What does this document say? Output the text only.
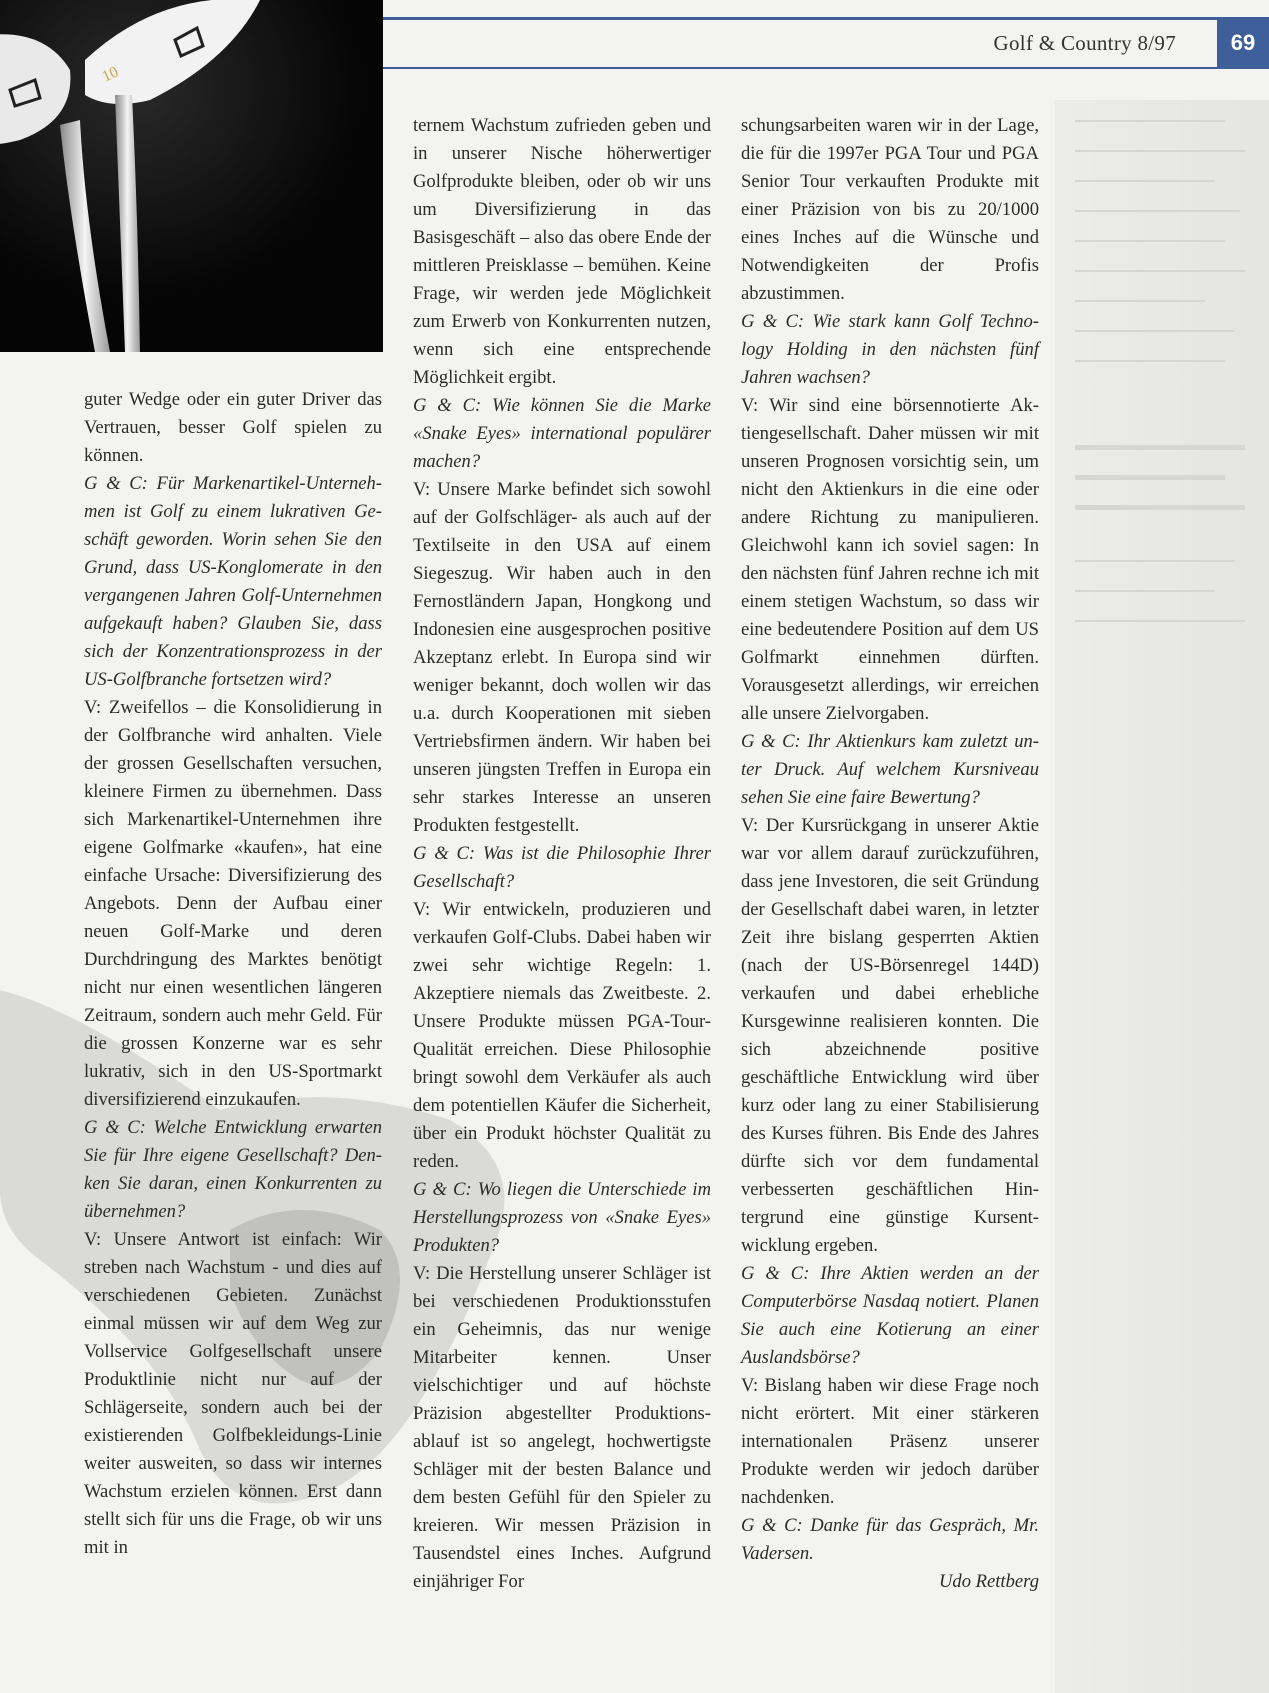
10
Golf & Country 8/97	69

guter Wedge oder ein guter Driver das Vertrauen, besser Golf spielen zu können.

G & C: Für Markenartikel-Unternehmen ist Golf zu einem lukrativen Geschäft geworden. Worin sehen Sie den Grund, dass US-Konglomerate in den vergangenen Jahren Golf-Unternehmen aufgekauft haben? Glauben Sie, dass sich der Konzentrationsprozess in der US-Golfbranche fortsetzen wird?

V: Zweifellos – die Konsolidierung in der Golfbranche wird anhalten. Viele der grossen Gesellschaften versuchen, kleinere Firmen zu übernehmen. Dass sich Markenartikel-Unternehmen ihre eigene Golfmarke «kaufen», hat eine einfache Ursache: Diversifizierung des Angebots. Denn der Aufbau einer neuen Golf-Marke und deren Durchdringung des Marktes benötigt nicht nur einen wesentlichen längeren Zeitraum, sondern auch mehr Geld. Für die grossen Konzerne war es sehr lukrativ, sich in den US-Sportmarkt diversifizierend einzukaufen.

G & C: Welche Entwicklung erwarten Sie für Ihre eigene Gesellschaft? Denken Sie daran, einen Konkurrenten zu übernehmen?

V: Unsere Antwort ist einfach: Wir streben nach Wachstum - und dies auf verschiedenen Gebieten. Zunächst einmal müssen wir auf dem Weg zur Vollservice Golfgesellschaft unsere Produktlinie nicht nur auf der Schlägerseite, sondern auch bei der existierenden Golfbekleidungs-Linie weiter ausweiten, so dass wir internes Wachstum erzielen können. Erst dann stellt sich für uns die Frage, ob wir uns mit in

ternem Wachstum zufrieden geben und in unserer Nische höherwertiger Golfprodukte bleiben, oder ob wir uns um Diversifizierung in das Basisgeschäft – also das obere Ende der mittleren Preisklasse – bemühen. Keine Frage, wir werden jede Möglichkeit zum Erwerb von Konkurrenten nutzen, wenn sich eine entsprechende Möglichkeit ergibt.

G & C: Wie können Sie die Marke «Snake Eyes» international populärer machen?

V: Unsere Marke befindet sich sowohl auf der Golfschläger- als auch auf der Textilseite in den USA auf einem Siegeszug. Wir haben auch in den Fernostländern Japan, Hongkong und Indonesien eine ausgesprochen positive Akzeptanz erlebt. In Europa sind wir weniger bekannt, doch wollen wir das u.a. durch Kooperationen mit sieben Vertriebsfirmen ändern. Wir haben bei unseren jüngsten Treffen in Europa ein sehr starkes Interesse an unseren Produkten festgestellt.

G & C: Was ist die Philosophie Ihrer Gesellschaft?

V: Wir entwickeln, produzieren und verkaufen Golf-Clubs. Dabei haben wir zwei sehr wichtige Regeln: 1. Akzeptiere niemals das Zweitbeste. 2. Unsere Produkte müssen PGA-Tour-Qualität erreichen. Diese Philosophie bringt sowohl dem Verkäufer als auch dem potentiellen Käufer die Sicherheit, über ein Produkt höchster Qualität zu reden.

G & C: Wo liegen die Unterschiede im Herstellungsprozess von «Snake Eyes» Produkten?

V: Die Herstellung unserer Schläger ist bei verschiedenen Produktionsstufen ein Geheimnis, das nur wenige Mitarbeiter kennen. Unser vielschichtiger und auf höchste Präzision abgestellter Produktionsablauf ist so angelegt, hochwertigste Schläger mit der besten Balance und dem besten Gefühl für den Spieler zu kreieren. Wir messen Präzision in Tausendstel eines Inches. Aufgrund einjähriger For

schungsarbeiten waren wir in der Lage, die für die 1997er PGA Tour und PGA Senior Tour verkauften Produkte mit einer Präzision von bis zu 20/1000 eines Inches auf die Wünsche und Notwendigkeiten der Profis abzustimmen.

G & C: Wie stark kann Golf Technology Holding in den nächsten fünf Jahren wachsen?

V: Wir sind eine börsennotierte Aktiengesellschaft. Daher müssen wir mit unseren Prognosen vorsichtig sein, um nicht den Aktienkurs in die eine oder andere Richtung zu manipulieren. Gleichwohl kann ich soviel sagen: In den nächsten fünf Jahren rechne ich mit einem stetigen Wachstum, so dass wir eine bedeutendere Position auf dem US Golfmarkt einnehmen dürften. Vorausgesetzt allerdings, wir erreichen alle unsere Zielvorgaben.

G & C: Ihr Aktienkurs kam zuletzt unter Druck. Auf welchem Kursniveau sehen Sie eine faire Bewertung?

V: Der Kursrückgang in unserer Aktie war vor allem darauf zurückzuführen, dass jene Investoren, die seit Gründung der Gesellschaft dabei waren, in letzter Zeit ihre bislang gesperrten Aktien (nach der US-Börsenregel 144D) verkaufen und dabei erhebliche Kursgewinne realisieren konnten. Die sich abzeichnende positive geschäftliche Entwicklung wird über kurz oder lang zu einer Stabilisierung des Kurses führen. Bis Ende des Jahres dürfte sich vor dem fundamental verbesserten geschäftlichen Hintergrund eine günstige Kursentwicklung ergeben.

G & C: Ihre Aktien werden an der Computerbörse Nasdaq notiert. Planen Sie auch eine Kotierung an einer Auslandsbörse?

V: Bislang haben wir diese Frage noch nicht erörtert. Mit einer stärkeren internationalen Präsenz unserer Produkte werden wir jedoch darüber nachdenken.

G & C: Danke für das Gespräch, Mr. Vadersen.

Udo Rettberg
